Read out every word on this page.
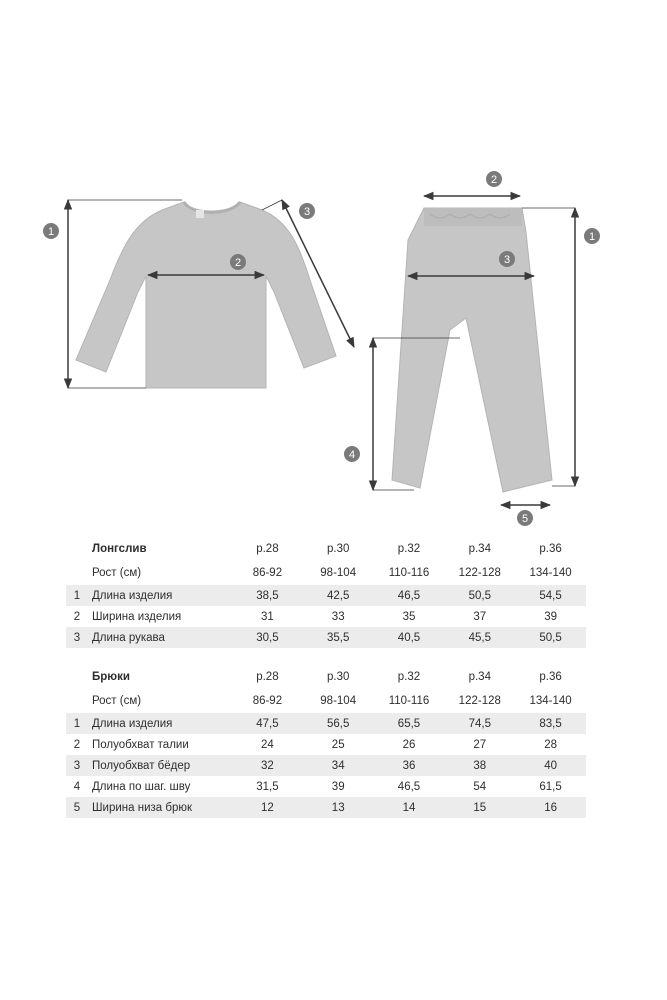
1
2
3
2
3
1
4
5
	Лонгслив	р.28	р.30	р.32	р.34	р.36
	Рост (см)	86-92	98-104	110-116	122-128	134-140
1	Длина изделия	38,5	42,5	46,5	50,5	54,5
2	Ширина изделия	31	33	35	37	39
3	Длина рукава	30,5	35,5	40,5	45,5	50,5
	Брюки	р.28	р.30	р.32	р.34	р.36
	Рост (см)	86-92	98-104	110-116	122-128	134-140
1	Длина изделия	47,5	56,5	65,5	74,5	83,5
2	Полуобхват талии	24	25	26	27	28
3	Полуобхват бёдер	32	34	36	38	40
4	Длина по шаг. шву	31,5	39	46,5	54	61,5
5	Ширина низа брюк	12	13	14	15	16
